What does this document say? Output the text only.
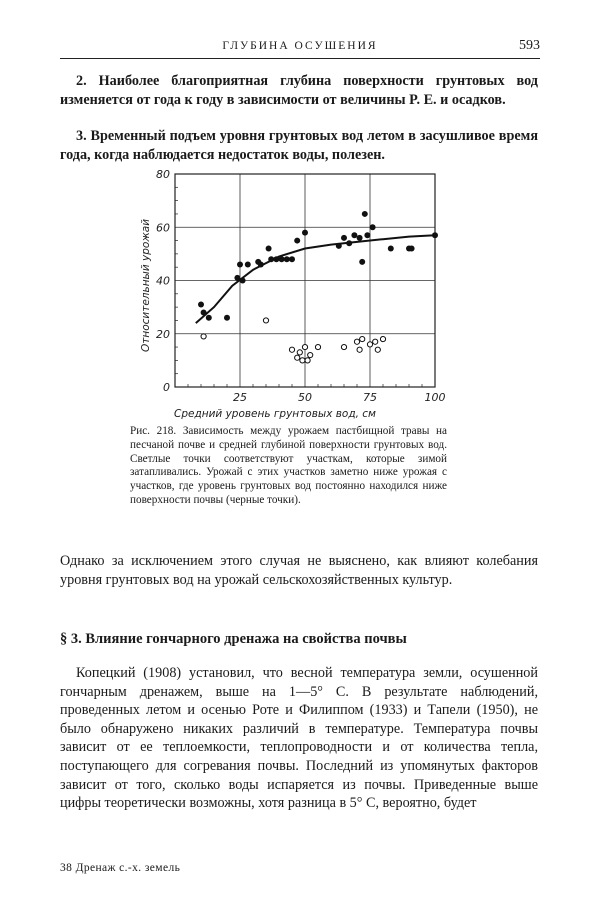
ГЛУБИНА ОСУШЕНИЯ	593

2. Наиболее благоприятная глубина поверхности грунтовых вод изменяется от года к году в зависимости от величины P. E. и осадков.

3. Временный подъем уровня грунтовых вод летом в засушливое время года, когда наблюдается недостаток воды, полезен.

25	50	75	100
0
20
40
60
80
Средний уровень грунтовых вод, см
Относительный урожай

Рис. 218. Зависимость между урожаем пастбищной травы на песчаной почве и средней глубиной поверхности грунтовых вод. Светлые точки соответствуют участкам, которые зимой затапливались. Урожай с этих участков заметно ниже урожая с участков, где уровень грунтовых вод постоянно находился ниже поверхности почвы (черные точки).

Однако за исключением этого случая не выяснено, как влияют колебания уровня грунтовых вод на урожай сельскохозяйственных культур.

§ 3. Влияние гончарного дренажа на свойства почвы

Копецкий (1908) установил, что весной температура земли, осушенной гончарным дренажем, выше на 1—5° С. В результате наблюдений, проведенных летом и осенью Роте и Филиппом (1933) и Тапели (1950), не было обнаружено никаких различий в температуре. Температура почвы зависит от ее теплоемкости, теплопроводности и от количества тепла, поступающего для согревания почвы. Последний из упомянутых факторов зависит от того, сколько воды испаряется из почвы. Приведенные выше цифры теоретически возможны, хотя разница в 5° С, вероятно, будет

38 Дренаж с.-х. земель
